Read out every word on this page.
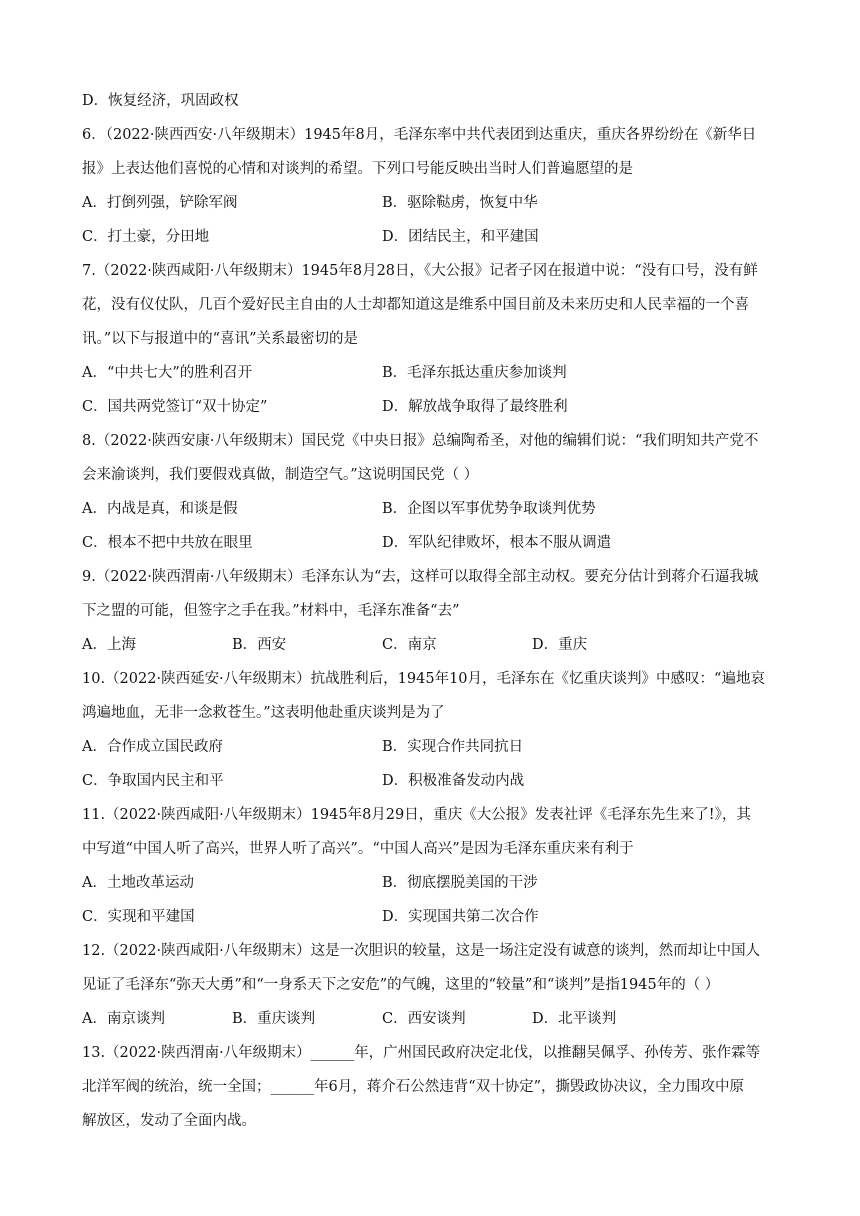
D．恢复经济，巩固政权
6．（2022·陕西西安·八年级期末）1945年8月，毛泽东率中共代表团到达重庆，重庆各界纷纷在《新华日
报》上表达他们喜悦的心情和对谈判的希望。下列口号能反映出当时人们普遍愿望的是
A．打倒列强，铲除军阀	B．驱除鞑虏，恢复中华
C．打土豪，分田地	D．团结民主，和平建国
7.（2022·陕西咸阳·八年级期末）1945年8月28日，《大公报》记者子冈在报道中说：“没有口号，没有鲜
花，没有仪仗队，几百个爱好民主自由的人士却都知道这是维系中国目前及未来历史和人民幸福的一个喜
讯。”以下与报道中的“喜讯”关系最密切的是
A．“中共七大”的胜利召开	B．毛泽东抵达重庆参加谈判
C．国共两党签订“双十协定”	D．解放战争取得了最终胜利
8.（2022·陕西安康·八年级期末）国民党《中央日报》总编陶希圣，对他的编辑们说：“我们明知共产党不
会来渝谈判，我们要假戏真做，制造空气。”这说明国民党（ ）
A．内战是真，和谈是假	B．企图以军事优势争取谈判优势
C．根本不把中共放在眼里	D．军队纪律败坏，根本不服从调遣
9.（2022·陕西渭南·八年级期末）毛泽东认为“去，这样可以取得全部主动权。要充分估计到蒋介石逼我城
下之盟的可能，但签字之手在我。”材料中，毛泽东准备“去”
A．上海	B．西安	C．南京	D．重庆
10.（2022·陕西延安·八年级期末）抗战胜利后，1945年10月，毛泽东在《忆重庆谈判》中感叹：“遍地哀
鸿遍地血，无非一念救苍生。”这表明他赴重庆谈判是为了
A．合作成立国民政府	B．实现合作共同抗日
C．争取国内民主和平	D．积极准备发动内战
11.（2022·陕西咸阳·八年级期末）1945年8月29日，重庆《大公报》发表社评《毛泽东先生来了!》，其
中写道“中国人听了高兴，世界人听了高兴”。“中国人高兴”是因为毛泽东重庆来有利于
A．土地改革运动	B．彻底摆脱美国的干涉
C．实现和平建国	D．实现国共第二次合作
12.（2022·陕西咸阳·八年级期末）这是一次胆识的较量，这是一场注定没有诚意的谈判，然而却让中国人
见证了毛泽东“弥天大勇”和“一身系天下之安危”的气魄，这里的“较量”和“谈判”是指1945年的（ ）
A．南京谈判	B．重庆谈判	C．西安谈判	D．北平谈判
13.（2022·陕西渭南·八年级期末）______年，广州国民政府决定北伐，以推翻吴佩孚、孙传芳、张作霖等
北洋军阀的统治，统一全国；______年6月，蒋介石公然违背“双十协定”，撕毁政协决议，全力围攻中原
解放区，发动了全面内战。
